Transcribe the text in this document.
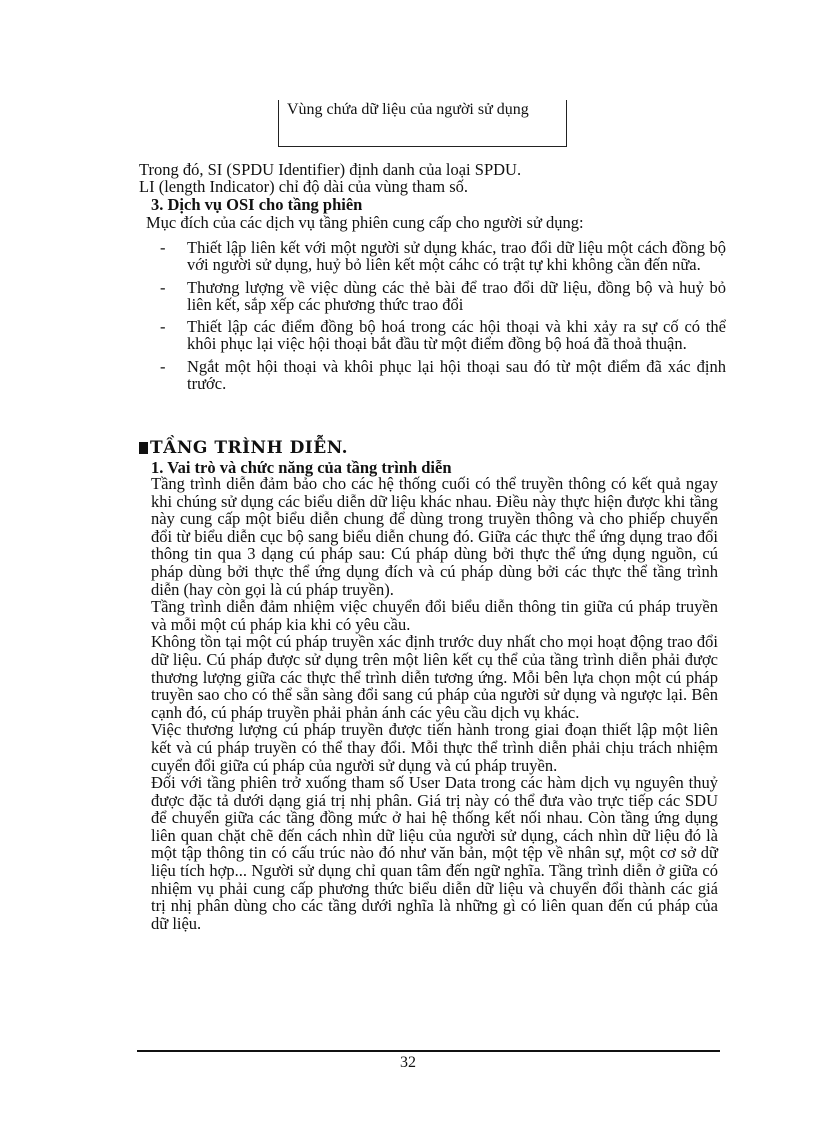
Vùng chứa dữ liệu của người sử dụng
Trong đó, SI (SPDU Identifier) định danh của loại SPDU.
LI (length Indicator) chỉ độ dài của vùng tham số.
3. Dịch vụ OSI cho tầng phiên
Mục đích của các dịch vụ tầng phiên cung cấp cho người sử dụng:
- Thiết lập liên kết với một người sử dụng khác, trao đổi dữ liệu một cách đồng bộ với người sử dụng, huỷ bỏ liên kết một cáhc có trật tự khi không cần đến nữa.
- Thương lượng về việc dùng các thẻ bài để trao đổi dữ liệu, đồng bộ và huỷ bỏ liên kết, sắp xếp các phương thức trao đổi
- Thiết lập các điểm đồng bộ hoá trong các hội thoại và khi xảy ra sự cố có thể khôi phục lại việc hội thoại bắt đầu từ một điểm đồng bộ hoá đã thoả thuận.
- Ngắt một hội thoại và khôi phục lại hội thoại sau đó từ một điểm đã xác định trước.
TẦNG TRÌNH DIỄN.
1. Vai trò và chức năng của tầng trình diễn
Tầng trình diễn đảm bảo cho các hệ thống cuối có thể truyền thông có kết quả ngay khi chúng sử dụng các biểu diễn dữ liệu khác nhau. Điều này thực hiện được khi tầng này cung cấp một biểu diễn chung để dùng trong truyền thông và cho phiếp chuyển đổi từ biểu diễn cục bộ sang biểu diễn chung đó. Giữa các thực thể ứng dụng trao đổi thông tin qua 3 dạng cú pháp sau: Cú pháp dùng bởi thực thể ứng dụng nguồn, cú pháp dùng bởi thực thể ứng dụng đích và cú pháp dùng bởi các thực thể tầng trình diễn (hay còn gọi là cú pháp truyền).
Tầng trình diễn đảm nhiệm việc chuyển đổi biểu diễn thông tin giữa cú pháp truyền và mỗi một cú pháp kia khi có yêu cầu.
Không tồn tại một cú pháp truyền xác định trước duy nhất cho mọi hoạt động trao đổi dữ liệu. Cú pháp được sử dụng trên một liên kết cụ thể của tầng trình diễn phải được thương lượng giữa các thực thể trình diễn tương ứng. Mỗi bên lựa chọn một cú pháp truyền sao cho có thể sẵn sàng đổi sang cú pháp của người sử dụng và ngược lại. Bên cạnh đó, cú pháp truyền phải phản ánh các yêu cầu dịch vụ khác.
Việc thương lượng cú pháp truyền được tiến hành trong giai đoạn thiết lập một liên kết và cú pháp truyền có thể thay đổi. Mỗi thực thể trình diễn phải chịu trách nhiệm cuyển đổi giữa cú pháp của người sử dụng và cú pháp truyền.
Đối với tầng phiên trở xuống tham số User Data trong các hàm dịch vụ nguyên thuỷ được đặc tả dưới dạng giá trị nhị phân. Giá trị này có thể đưa vào trực tiếp các SDU để chuyển giữa các tầng đồng mức ở hai hệ thống kết nối nhau. Còn tầng ứng dụng liên quan chặt chẽ đến cách nhìn dữ liệu của người sử dụng, cách nhìn dữ liệu đó là một tập thông tin có cấu trúc nào đó như văn bản, một tệp về nhân sự, một cơ sở dữ liệu tích hợp... Người sử dụng chỉ quan tâm đến ngữ nghĩa. Tầng trình diễn ở giữa có nhiệm vụ phải cung cấp phương thức biểu diễn dữ liệu và chuyển đổi thành các giá trị nhị phân dùng cho các tầng dưới nghĩa là những gì có liên quan đến cú pháp của dữ liệu.
32
